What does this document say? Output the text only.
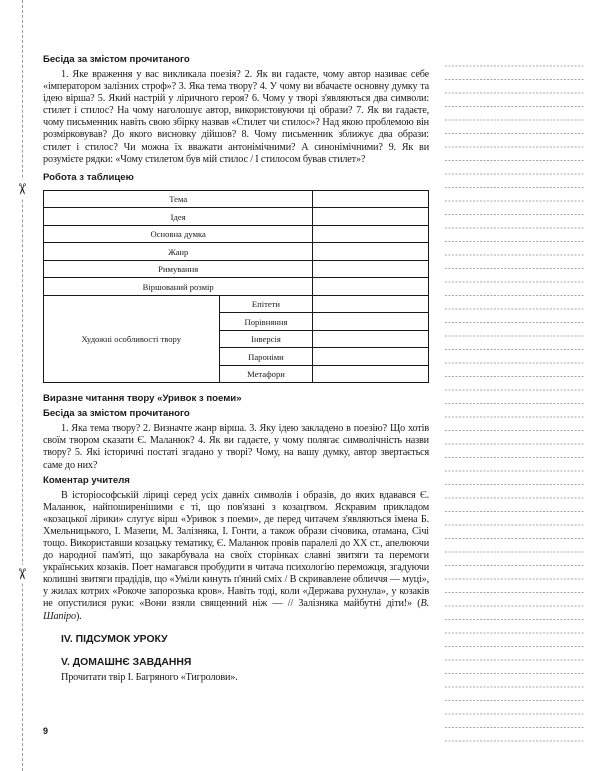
✂
✂

Бесіда за змістом прочитаного

1. Яке враження у вас викликала поезія? 2. Як ви гадаєте, чому автор називає себе «імператором залізних строф»? 3. Яка тема твору? 4. У чому ви вбачаєте основну думку та ідею вірша? 5. Який настрій у ліричного героя? 6. Чому у творі з'являються два символи: стилет і стилос? На чому наголошує автор, використовуючи ці образи? 7. Як ви гадаєте, чому письменник навіть свою збірку назвав «Стилет чи стилос»? Над якою проблемою він розмірковував? До якого висновку дійшов? 8. Чому письменник зближує два образи: стилет і стилос? Чи можна їх вважати антонімічними? А синонімічними? 9. Як ви розумієте рядки: «Чому стилетом був мій стилос / І стилосом бував стилет»?

Робота з таблицею

Тема		
Ідея		
Основна думка		
Жанр		
Римування		
Віршований розмір		
Художні особливості твору	Епітети	
	Порівняння	
	Інверсія	
	Пароніми	
	Метафори	

Виразне читання твору «Уривок з поеми»

Бесіда за змістом прочитаного

1. Яка тема твору? 2. Визначте жанр вірша. 3. Яку ідею закладено в поезію? Що хотів своїм твором сказати Є. Маланюк? 4. Як ви гадаєте, у чому полягає символічність назви твору? 5. Які історичні постаті згадано у творі? Чому, на вашу думку, автор звертається саме до них?

Коментар учителя

В історіософській ліриці серед усіх давніх символів і образів, до яких вдавався Є. Маланюк, найпоширенішими є ті, що пов'язані з козацтвом. Яскравим прикладом «козацької лірики» слугує вірш «Уривок з поеми», де перед читачем з'являються імена Б. Хмельницького, І. Мазепи, М. Залізняка, І. Гонти, а також образи січовика, отамана, Січі тощо. Використавши козацьку тематику, Є. Маланюк провів паралелі до ХХ ст., апелюючи до народної пам'яті, що закарбувала на своїх сторінках славні звитяги та перемоги українських козаків. Поет намагався пробудити в читача психологію переможця, згадуючи колишні звитяги прадідів, що «Уміли кинуть п'яний сміх / В скривавлене обличчя — муці», у жилах котрих «Рокоче запорозька кров». Навіть тоді, коли «Держава рухнула», у козаків не опустилися руки: «Вони взяли священний ніж — // Залізняка майбутні діти!» (В. Шапіро).

IV. ПІДСУМОК УРОКУ

V. ДОМАШНЄ ЗАВДАННЯ

Прочитати твір І. Багряного «Тигролови».

9
